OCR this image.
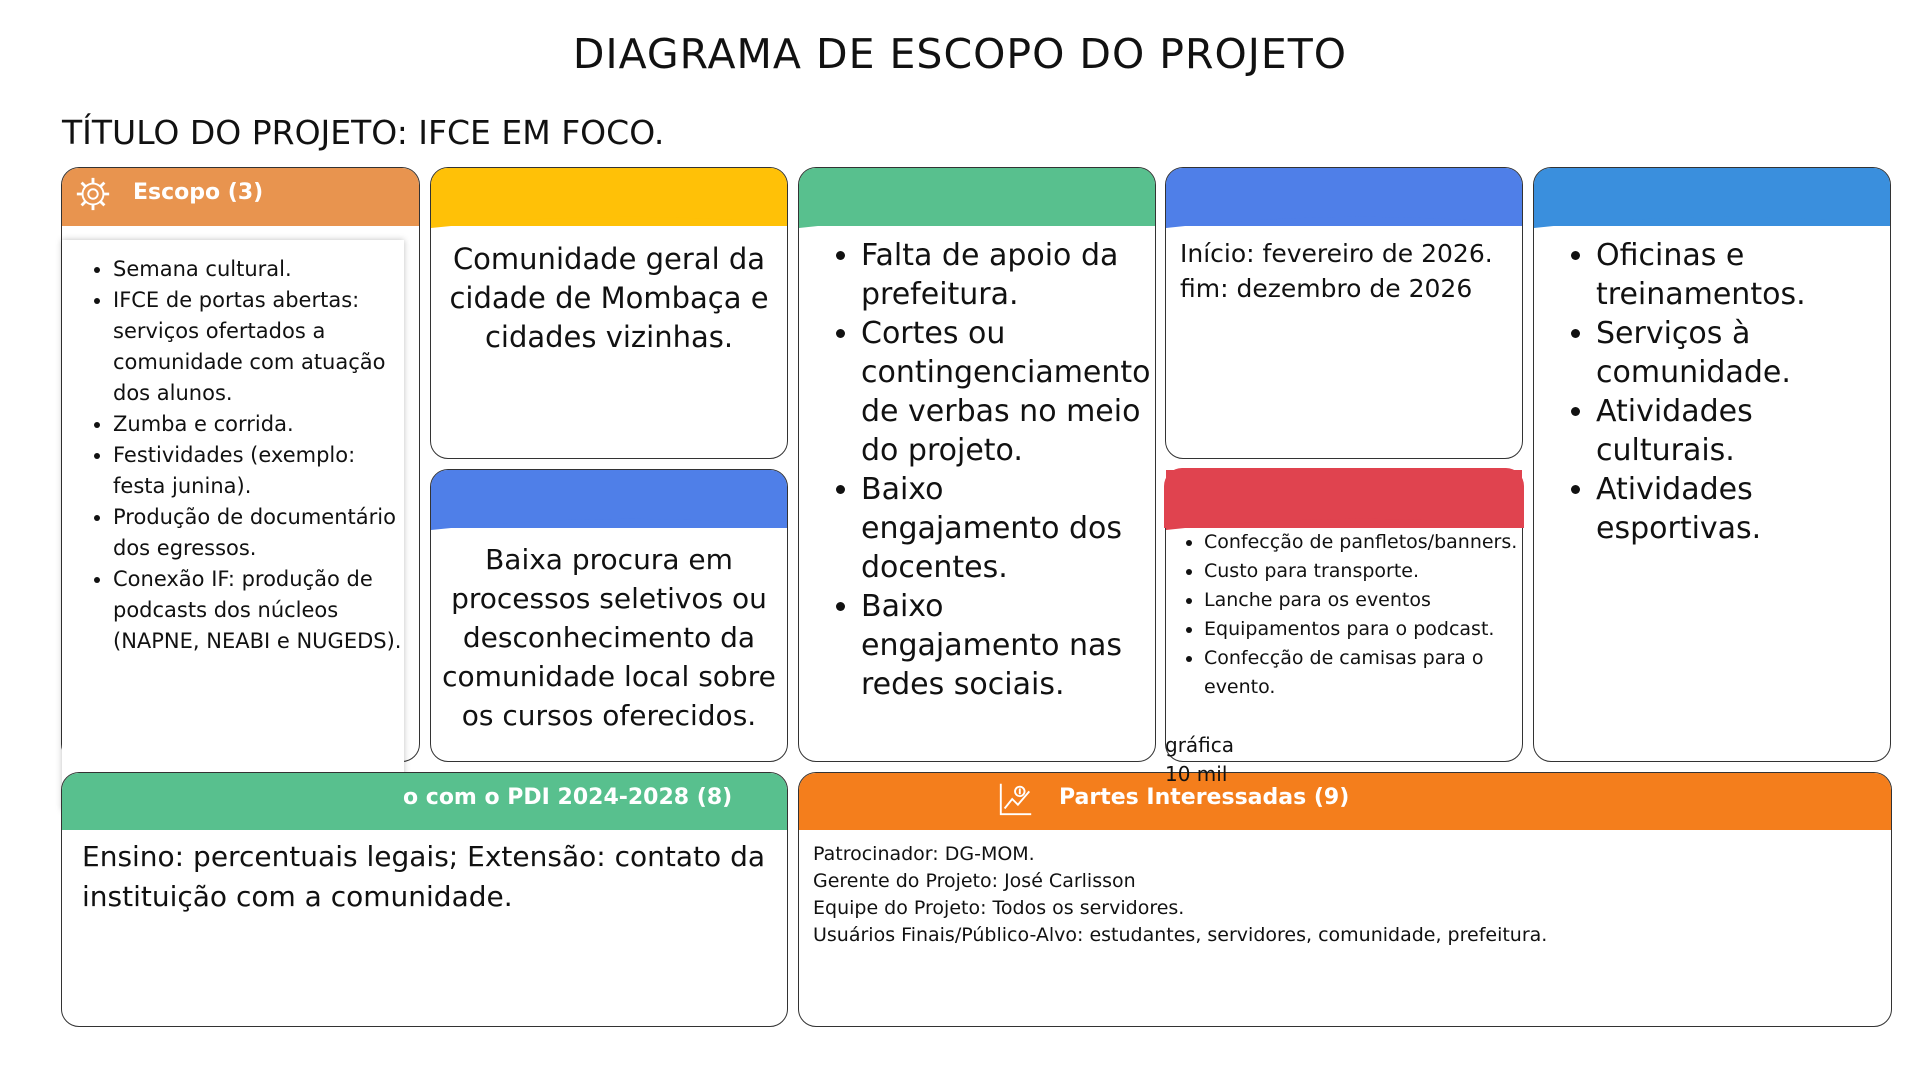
DIAGRAMA DE ESCOPO DO PROJETO
TÍTULO DO PROJETO: IFCE EM FOCO.
Escopo (3)
• Semana cultural.
• IFCE de portas abertas: serviços ofertados a comunidade com atuação dos alunos.
• Zumba e corrida.
• Festividades (exemplo: festa junina).
• Produção de documentário dos egressos.
• Conexão IF: produção de podcasts dos núcleos (NAPNE, NEABI e NUGEDS).
Comunidade geral da cidade de Mombaça e cidades vizinhas.
Baixa procura em processos seletivos ou desconhecimento da comunidade local sobre os cursos oferecidos.
• Falta de apoio da prefeitura.
• Cortes ou contingenciamento de verbas no meio do projeto.
• Baixo engajamento dos docentes.
• Baixo engajamento nas redes sociais.
Início: fevereiro de 2026.
fim: dezembro de 2026
• Confecção de panfletos/banners.
• Custo para transporte.
• Lanche para os eventos
• Equipamentos para o podcast.
• Confecção de camisas para o evento.
gráfica
10 mil
• Oficinas e treinamentos.
• Serviços à comunidade.
• Atividades culturais.
• Atividades esportivas.
o com o PDI 2024-2028 (8)
Ensino: percentuais legais; Extensão: contato da instituição com a comunidade.
Partes Interessadas (9)
Patrocinador: DG-MOM.
Gerente do Projeto: José Carlisson
Equipe do Projeto: Todos os servidores.
Usuários Finais/Público-Alvo: estudantes, servidores, comunidade, prefeitura.
